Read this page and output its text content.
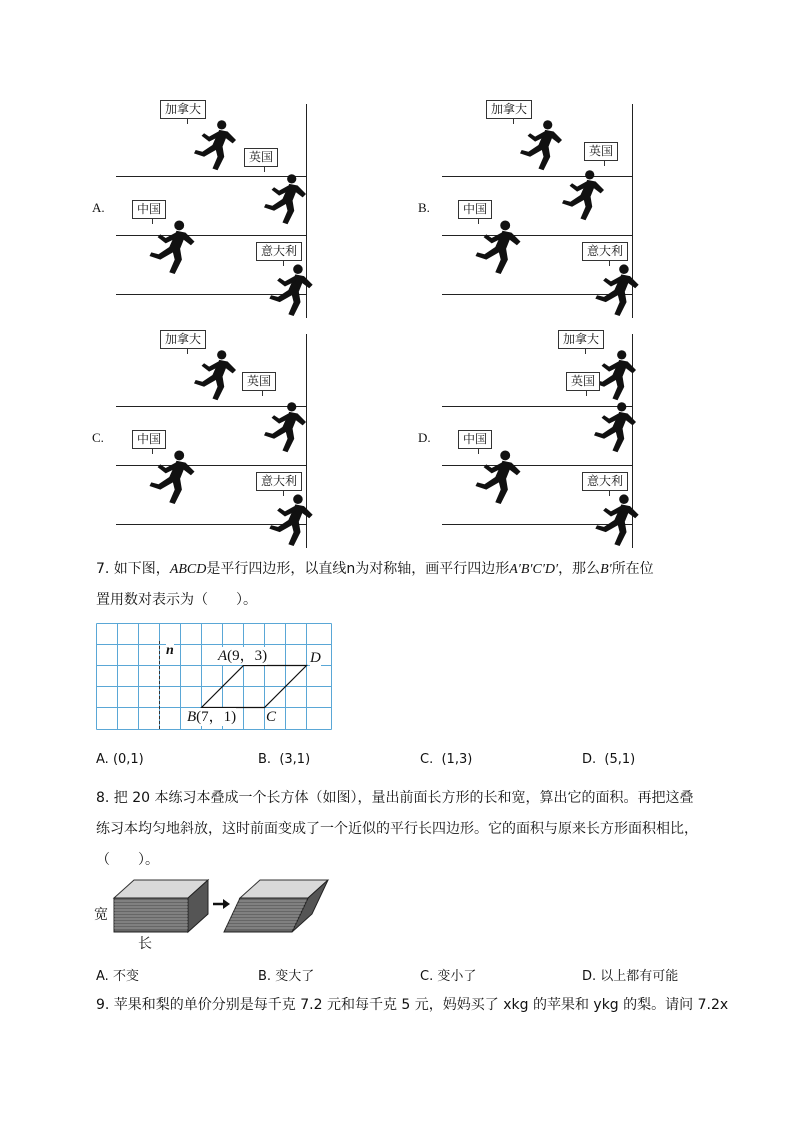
A.
加拿大
英国
中国
意大利
B.
加拿大
英国
中国
意大利
C.
加拿大
英国
中国
意大利
D.
加拿大
英国
中国
意大利
7. 如下图，ABCD是平行四边形，以直线n为对称轴，画平行四边形A′B′C′D′，那么B′所在位
置用数对表示为（　　）。
n	A(9，3)	D
B(7，1) C
A. (0,1)	B. (3,1)	C. (1,3)	D. (5,1)
8. 把 20 本练习本叠成一个长方体（如图），量出前面长方形的长和宽，算出它的面积。再把这叠
练习本均匀地斜放，这时前面变成了一个近似的平行长四边形。它的面积与原来长方形面积相比，
（　　）。
宽
长
A. 不变	B. 变大了	C. 变小了	D. 以上都有可能
9. 苹果和梨的单价分别是每千克 7.2 元和每千克 5 元，妈妈买了 xkg 的苹果和 ykg 的梨。请问 7.2x
